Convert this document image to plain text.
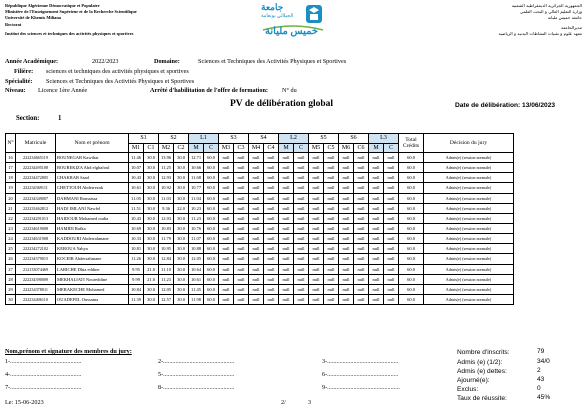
République Algérienne Démocratique et Populaire
Ministère de l'Enseignement Supérieur et de la Recherche Scientifique
Université de Khemis Miliana
Rectorat
Institut des sciences et techniques des activités physiques et sportives
جامعة
الجيلالي بونعامة
خميس مليانة
الجمهورية الجزائرية الديمقراطية الشعبية
وزارة التعليم العالي و البحث العلمي
جامعة خميس مليانة
مديرالجامعة
معهد علوم و تقنيات النشاطات البدنية و الرياضية
Année Académique:	2022/2023	Domaine:	Sciences et Techniques des Activités Physiques et Sportives
Filière: sciences et techniques des activités physiques et sportives
Spécialité: Sciences et Techniques des Activités Physiques et Sportives
Niveau: Licence 1ère Année	Arrêté d'habilitation de l'offre de formation: N° du
PV de délibération global	Date de délibération: 13/06/2023
Section:	1
N°	Matricule	Nom et prénom	S1		S2		L1		S3		S4		L2		S5		S6		L3		Total Crédits	Décision du jury
			M1	C1	M2	C2	M	C	M3	C3	M4	C4	M	C	M5	C5	M6	C6	M	C		
16	222234665119	BOUNEGAB Kawthar	11.46	30.0	13.96	30.0	12.71	60.0	null	null	null	null	null	null	null	null	null	null	null	null	60.0	Admis(e) (session normale)
17	222234495108	BOUREKIZA Abd elghafoul	10.07	30.0	11.25	30.0	10.66	60.0	null	null	null	null	null	null	null	null	null	null	null	null	60.0	Admis(e) (session normale)
18	222234472805	CHAKRAR Saad	10.43	30.0	12.93	30.0	11.68	60.0	null	null	null	null	null	null	null	null	null	null	null	null	60.0	Admis(e) (session normale)
19	222234369111	CHETTOUH Abderrezak	10.61	30.0	10.92	30.0	10.77	60.0	null	null	null	null	null	null	null	null	null	null	null	null	60.0	Admis(e) (session normale)
20	222234349007	DAHMANI Romaissa	11.05	30.0	11.03	30.0	11.04	60.0	null	null	null	null	null	null	null	null	null	null	null	null	60.0	Admis(e) (session normale)
21	222233462812	HADJ IMLANI Nawfel	11.51	30.0	9.36	22.0	10.23	60.0	null	null	null	null	null	null	null	null	null	null	null	null	60.0	Admis(e) (session normale)
22	222234291013	HAIDOUR Mohamed oudia	10.43	30.0	12.03	30.0	11.23	60.0	null	null	null	null	null	null	null	null	null	null	null	null	60.0	Admis(e) (session normale)
23	222234619008	HAMIDI Rafka	10.69	30.0	10.83	30.0	10.76	60.0	null	null	null	null	null	null	null	null	null	null	null	null	60.0	Admis(e) (session normale)
24	222234631908	KADDOURI Abderrahmane	10.33	30.0	11.79	30.0	11.07	60.0	null	null	null	null	null	null	null	null	null	null	null	null	60.0	Admis(e) (session normale)
25	222234272102	KEROUA Yahya	10.81	30.0	10.95	30.0	10.88	60.0	null	null	null	null	null	null	null	null	null	null	null	null	60.0	Admis(e) (session normale)
26	222234379015	KOCEIR Abderrahmane	11.26	30.0	12.84	30.0	12.05	60.0	null	null	null	null	null	null	null	null	null	null	null	null	60.0	Admis(e) (session normale)
27	212133074469	LARICHE Dhia eddine	9.95	21.0	11.10	30.0	10.64	60.0	null	null	null	null	null	null	null	null	null	null	null	null	60.0	Admis(e) (session normale)
28	222234390009	MEKHALIATI Noureddine	9.99	21.0	11.23	30.0	10.61	60.0	null	null	null	null	null	null	null	null	null	null	null	null	60.0	Admis(e) (session normale)
29	222234378011	MERAKECHE Mohamed	10.84	30.0	12.05	30.0	11.45	60.0	null	null	null	null	null	null	null	null	null	null	null	null	60.0	Admis(e) (session normale)
30	222234406110	OUADEFEL Oussama	11.39	30.0	12.57	30.0	11.98	60.0	null	null	null	null	null	null	null	null	null	null	null	null	60.0	Admis(e) (session normale)
Nom,prénom et signature des membres du jury:
1-..............................................	2-..............................................	3-..............................................
4-..............................................	5-..............................................	6-..............................................
7-..............................................	8-..............................................	9-...............................................
Le: 15-06-2023	2/	3
Nombre d'inscrits:	79
Admis (e) (1/2):	34/0
Admis (e) dettes:	2
Ajourné(e):	43
Exclus:	0
Taux de réussite:	45%
